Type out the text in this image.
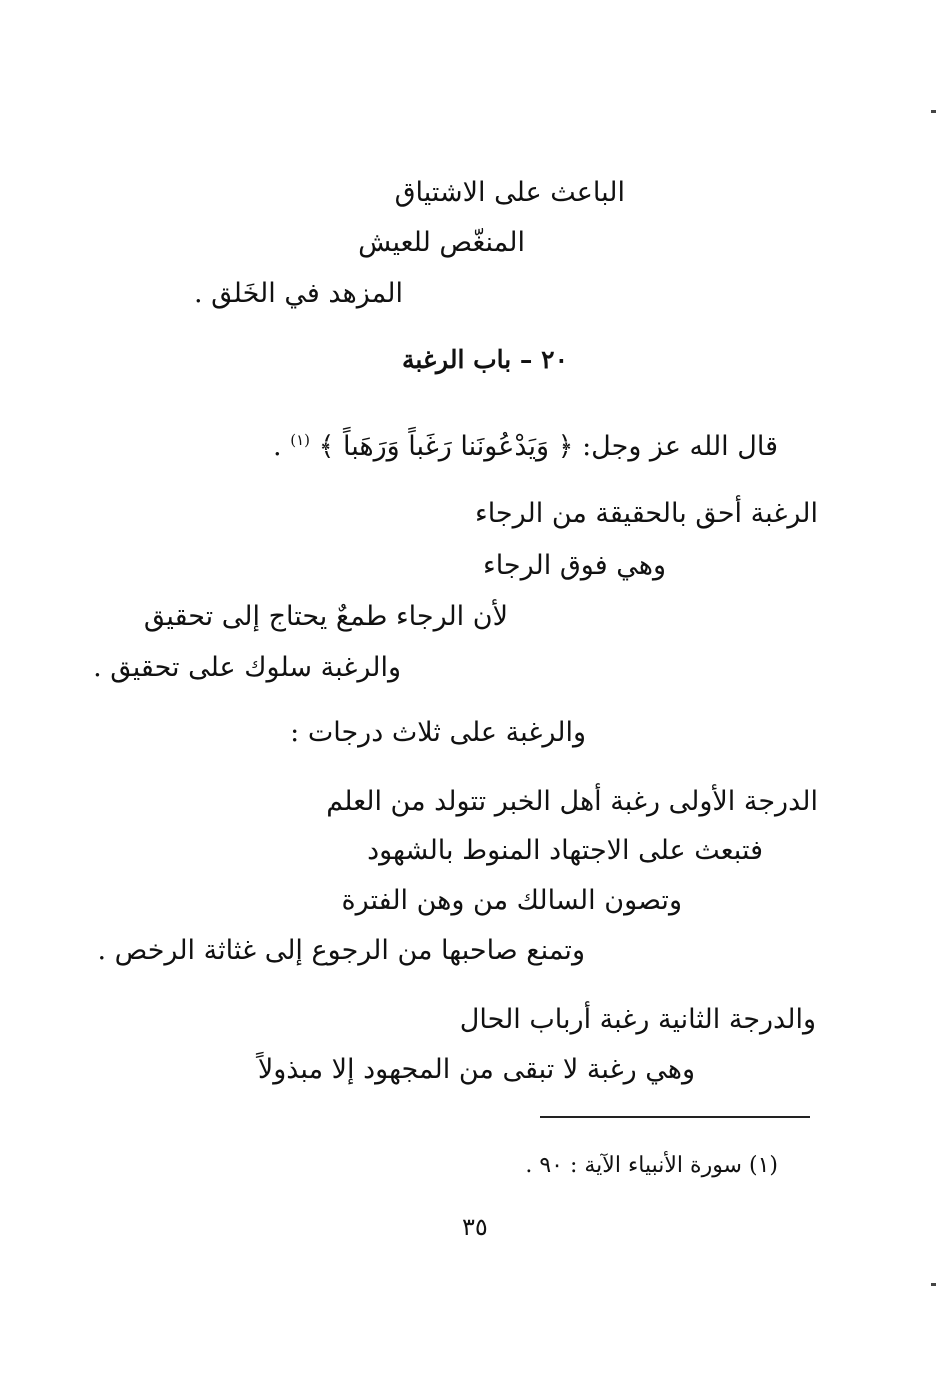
الباعث على الاشتياق
المنغّص للعيش
المزهد في الخَلق .
٢٠ – باب الرغبة
قال الله عز وجل: ﴿ وَيَدْعُونَنا رَغَباً وَرَهَباً ﴾ $^{(١)}$ .
الرغبة أحق بالحقيقة من الرجاء
وهي فوق الرجاء
لأن الرجاء طمعٌ يحتاج إلى تحقيق
والرغبة سلوك على تحقيق .
والرغبة على ثلاث درجات :
الدرجة الأولى رغبة أهل الخبر تتولد من العلم
فتبعث على الاجتهاد المنوط بالشهود
وتصون السالك من وهن الفترة
وتمنع صاحبها من الرجوع إلى غثاثة الرخص .
والدرجة الثانية رغبة أرباب الحال
وهي رغبة لا تبقى من المجهود إلا مبذولاً
(١) سورة الأنبياء الآية : ٩٠ .
٣٥
